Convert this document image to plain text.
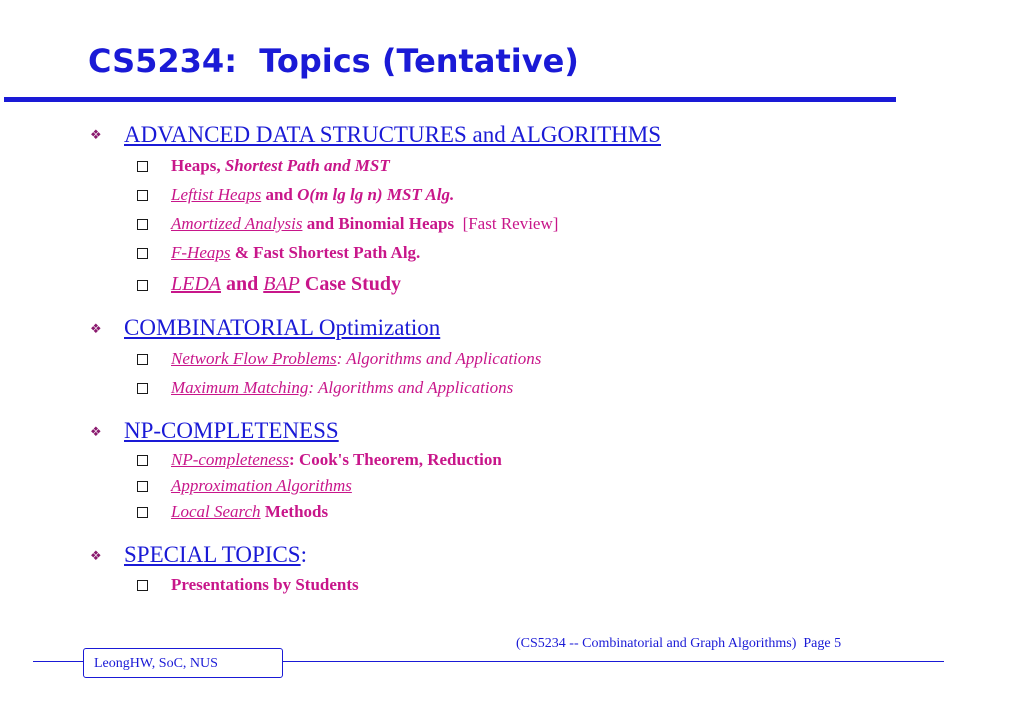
CS5234:  Topics (Tentative)
❖ ADVANCED DATA STRUCTURES and ALGORITHMS
Heaps, Shortest Path and MST
Leftist Heaps and O(m lg lg n) MST Alg.
Amortized Analysis and Binomial Heaps  [Fast Review]
F-Heaps & Fast Shortest Path Alg.
LEDA and BAP Case Study
❖ COMBINATORIAL Optimization
Network Flow Problems: Algorithms and Applications
Maximum Matching: Algorithms and Applications
❖ NP-COMPLETENESS
NP-completeness: Cook's Theorem, Reduction
Approximation Algorithms
Local Search Methods
❖ SPECIAL TOPICS:
Presentations by Students
(CS5234 -- Combinatorial and Graph Algorithms)  Page 5
LeongHW, SoC, NUS
